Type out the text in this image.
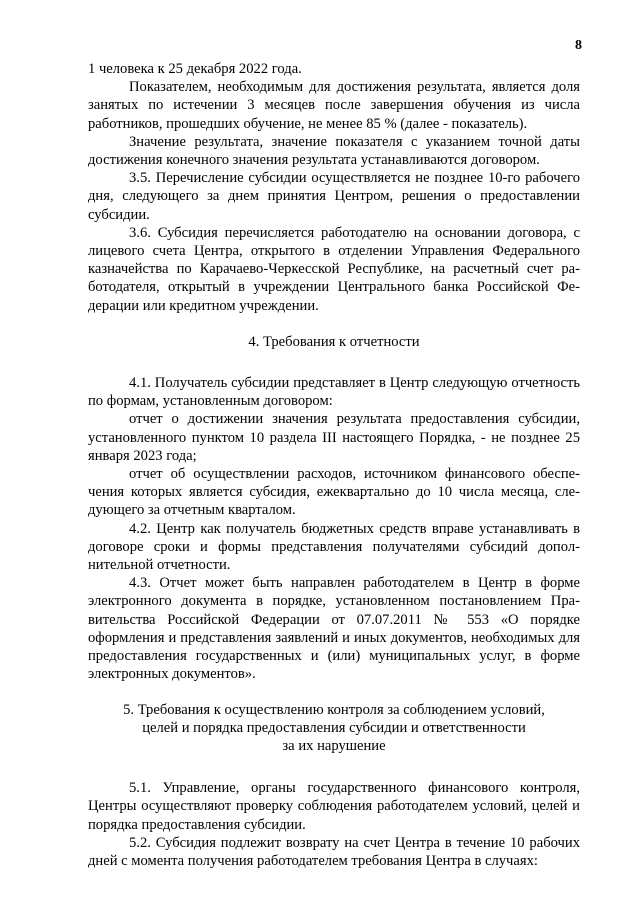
8

1 человека к 25 декабря 2022 года.

Показателем, необходимым для достижения результата, является доля занятых по истечении 3 месяцев после завершения обучения из числа работников, прошедших обучение, не менее 85 % (далее - показатель).

Значение результата, значение показателя с указанием точной даты достижения конечного значения результата устанавливаются договором.

3.5. Перечисление субсидии осуществляется не позднее 10-го рабочего дня, следующего за днем принятия Центром, решения о предоставлении субсидии.

3.6. Субсидия перечисляется работодателю на основании договора, с лицевого счета Центра, открытого в отделении Управления Федерального казначейства по Карачаево-Черкесской Республике, на расчетный счет работодателя, открытый в учреждении Центрального банка Российской Федерации или кредитном учреждении.

4. Требования к отчетности

4.1. Получатель субсидии представляет в Центр следующую отчетность по формам, установленным договором:

отчет о достижении значения результата предоставления субсидии, установленного пунктом 10 раздела III настоящего Порядка, - не позднее 25 января 2023 года;

отчет об осуществлении расходов, источником финансового обеспечения которых является субсидия, ежеквартально до 10 числа месяца, следующего за отчетным кварталом.

4.2. Центр как получатель бюджетных средств вправе устанавливать в договоре сроки и формы представления получателями субсидий дополнительной отчетности.

4.3. Отчет может быть направлен работодателем в Центр в форме электронного документа в порядке, установленном постановлением Правительства Российской Федерации от 07.07.2011 № 553 «О порядке оформления и представления заявлений и иных документов, необходимых для предоставления государственных и (или) муниципальных услуг, в форме электронных документов».

5. Требования к осуществлению контроля за соблюдением условий,
целей и порядка предоставления субсидии и ответственности
за их нарушение

5.1. Управление, органы государственного финансового контроля, Центры осуществляют проверку соблюдения работодателем условий, целей и порядка предоставления субсидии.

5.2. Субсидия подлежит возврату на счет Центра в течение 10 рабочих дней с момента получения работодателем требования Центра в случаях:
